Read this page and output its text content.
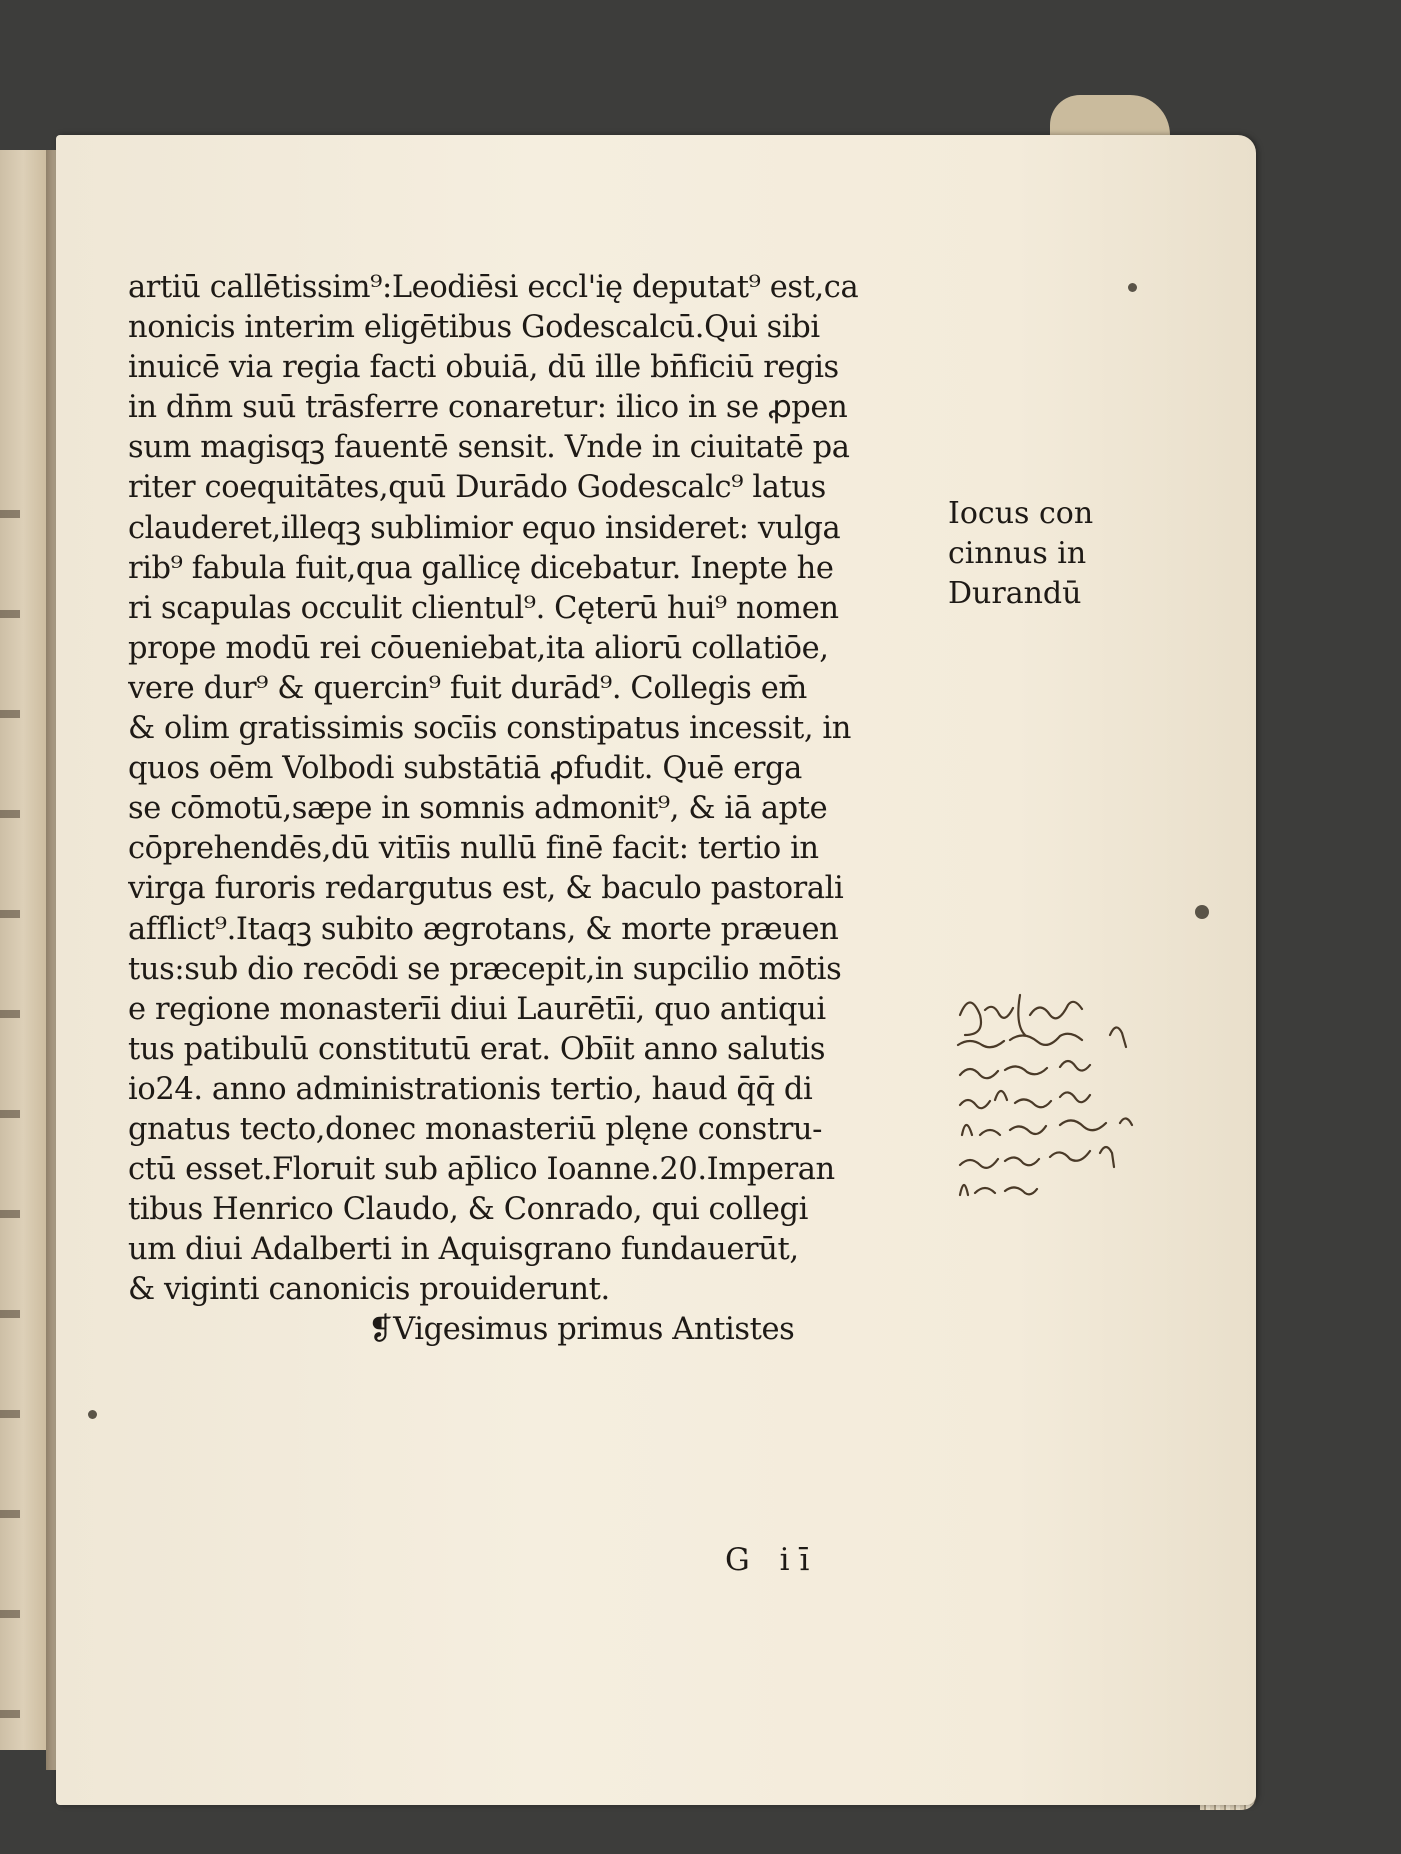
artiū callētissim⁹:Leodiēsi eccl'ię deputat⁹ est,ca
nonicis interim eligētibus Godescalcū.Qui sibi
inuicē via regia facti obuiā, dū ille bn̄ficiū regis
in dn̄m suū trāsferre conaretur: ilico in se ꝓpen
sum magisqꝫ fauentē sensit. Vnde in ciuitatē pa
riter coequitātes,quū Durādo Godescalc⁹ latus
clauderet,illeqꝫ sublimior equo insideret: vulga
rib⁹ fabula fuit,qua gallicę dicebatur. Inepte he
ri scapulas occulit clientul⁹. Cęterū hui⁹ nomen
prope modū rei cōueniebat,ita aliorū collatiōe,
vere dur⁹ & quercin⁹ fuit durād⁹. Collegis em̄
& olim gratissimis socīis constipatus incessit, in
quos oēm Volbodi substātiā ꝓfudit. Quē erga
se cōmotū,sæpe in somnis admonit⁹, & iā apte
cōprehendēs,dū vitīis nullū finē facit: tertio in
virga furoris redargutus est, & baculo pastorali
afflict⁹.Itaqꝫ subito ægrotans, & morte præuen
tus:sub dio recōdi se præcepit,in supcilio mōtis
e regione monasterīi diui Laurētīi, quo antiqui
tus patibulū constitutū erat. Obīit anno salutis
io24. anno administrationis tertio, haud q̄q̄ di
gnatus tecto,donec monasteriū plęne constru-
ctū esset.Floruit sub ap̄lico Ioanne.20.Imperan
tibus Henrico Claudo, & Conrado, qui collegi
um diui Adalberti in Aquisgrano fundauerūt,
& viginti canonicis prouiderunt.
❡Vigesimus primus Antistes
G iī
Iocus con
cinnus in
Durandū
